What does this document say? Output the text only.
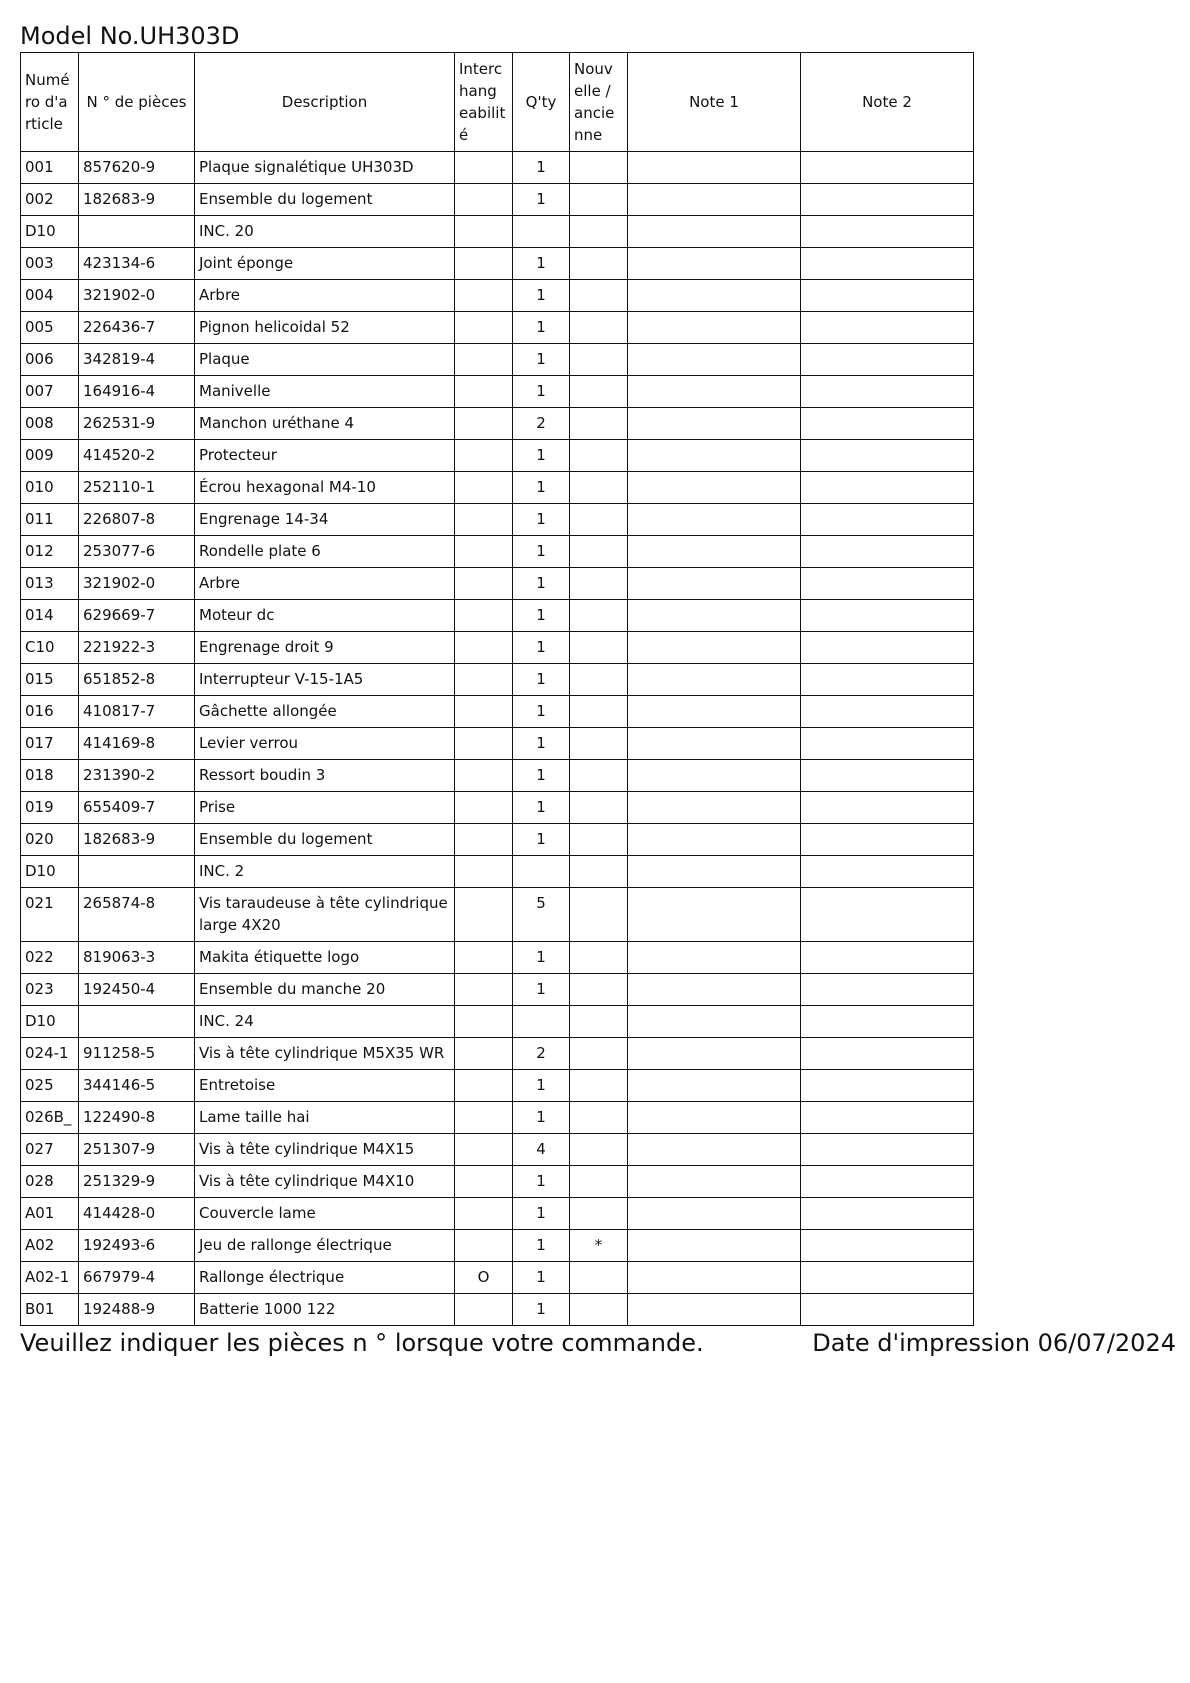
Model No.UH303D
Numé ro d'a rticle	N ° de pièces	Description	Interc hang eabilit é	Q'ty	Nouv elle / ancie nne	Note 1	Note 2
001	857620-9	Plaque signalétique UH303D		1			
002	182683-9	Ensemble du logement		1			
D10		INC. 20					
003	423134-6	Joint éponge		1			
004	321902-0	Arbre		1			
005	226436-7	Pignon helicoidal 52		1			
006	342819-4	Plaque		1			
007	164916-4	Manivelle		1			
008	262531-9	Manchon uréthane 4		2			
009	414520-2	Protecteur		1			
010	252110-1	Écrou hexagonal M4-10		1			
011	226807-8	Engrenage 14-34		1			
012	253077-6	Rondelle plate 6		1			
013	321902-0	Arbre		1			
014	629669-7	Moteur dc		1			
C10	221922-3	Engrenage droit 9		1			
015	651852-8	Interrupteur V-15-1A5		1			
016	410817-7	Gâchette allongée		1			
017	414169-8	Levier verrou		1			
018	231390-2	Ressort boudin 3		1			
019	655409-7	Prise		1			
020	182683-9	Ensemble du logement		1			
D10		INC. 2					
021	265874-8	Vis taraudeuse à tête cylindrique
large 4X20		5			
022	819063-3	Makita étiquette logo		1			
023	192450-4	Ensemble du manche 20		1			
D10		INC. 24					
024-1	911258-5	Vis à tête cylindrique M5X35 WR		2			
025	344146-5	Entretoise		1			
026B_	122490-8	Lame taille hai		1			
027	251307-9	Vis à tête cylindrique M4X15		4			
028	251329-9	Vis à tête cylindrique M4X10		1			
A01	414428-0	Couvercle lame		1			
A02	192493-6	Jeu de rallonge électrique		1	*		
A02-1	667979-4	Rallonge électrique	O	1			
B01	192488-9	Batterie 1000 122		1			
Veuillez indiquer les pièces n ° lorsque votre commande.	Date d'impression 06/07/2024
